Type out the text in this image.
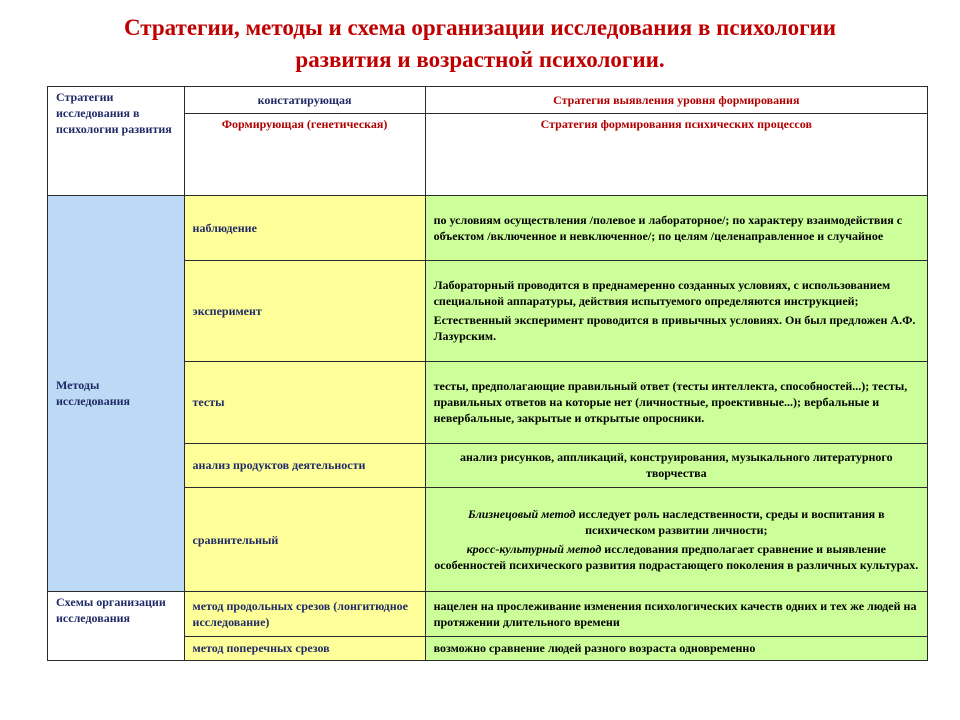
Стратегии, методы и схема организации исследования в психологии
развития и возрастной психологии.
Стратегии исследования в психологии развития	констатирующая	Стратегия выявления уровня формирования
	Формирующая (генетическая)	Стратегия формирования психических процессов
Методы исследования	наблюдение	по условиям осуществления /полевое и лабораторное/; по характеру взаимодействия с объектом /включенное и невключенное/; по целям /целенаправленное и случайное
	эксперимент	Лабораторный проводится в преднамеренно созданных условиях, с использованием специальной аппаратуры, действия испытуемого определяются инструкцией;
Естественный эксперимент проводится в привычных условиях. Он был предложен А.Ф. Лазурским.

	тесты	тесты, предполагающие правильный ответ (тесты интеллекта, способностей...); тесты, правильных ответов на которые нет (личностные, проективные...); вербальные и невербальные, закрытые и открытые опросники.
	анализ продуктов деятельности	анализ рисунков, аппликаций, конструирования, музыкального литературного творчества
	сравнительный	Близнецовый метод исследует роль наследственности, среды и воспитания в психическом развитии личности;
кросс-культурный метод исследования предполагает сравнение и выявление особенностей психического развития подрастающего поколения в различных культурах.

Схемы организации исследования	метод продольных срезов (лонгитюдное исследование)	нацелен на прослеживание изменения психологических качеств одних и тех же людей на протяжении длительного времени
	метод поперечных срезов	возможно сравнение людей разного возраста одновременно
